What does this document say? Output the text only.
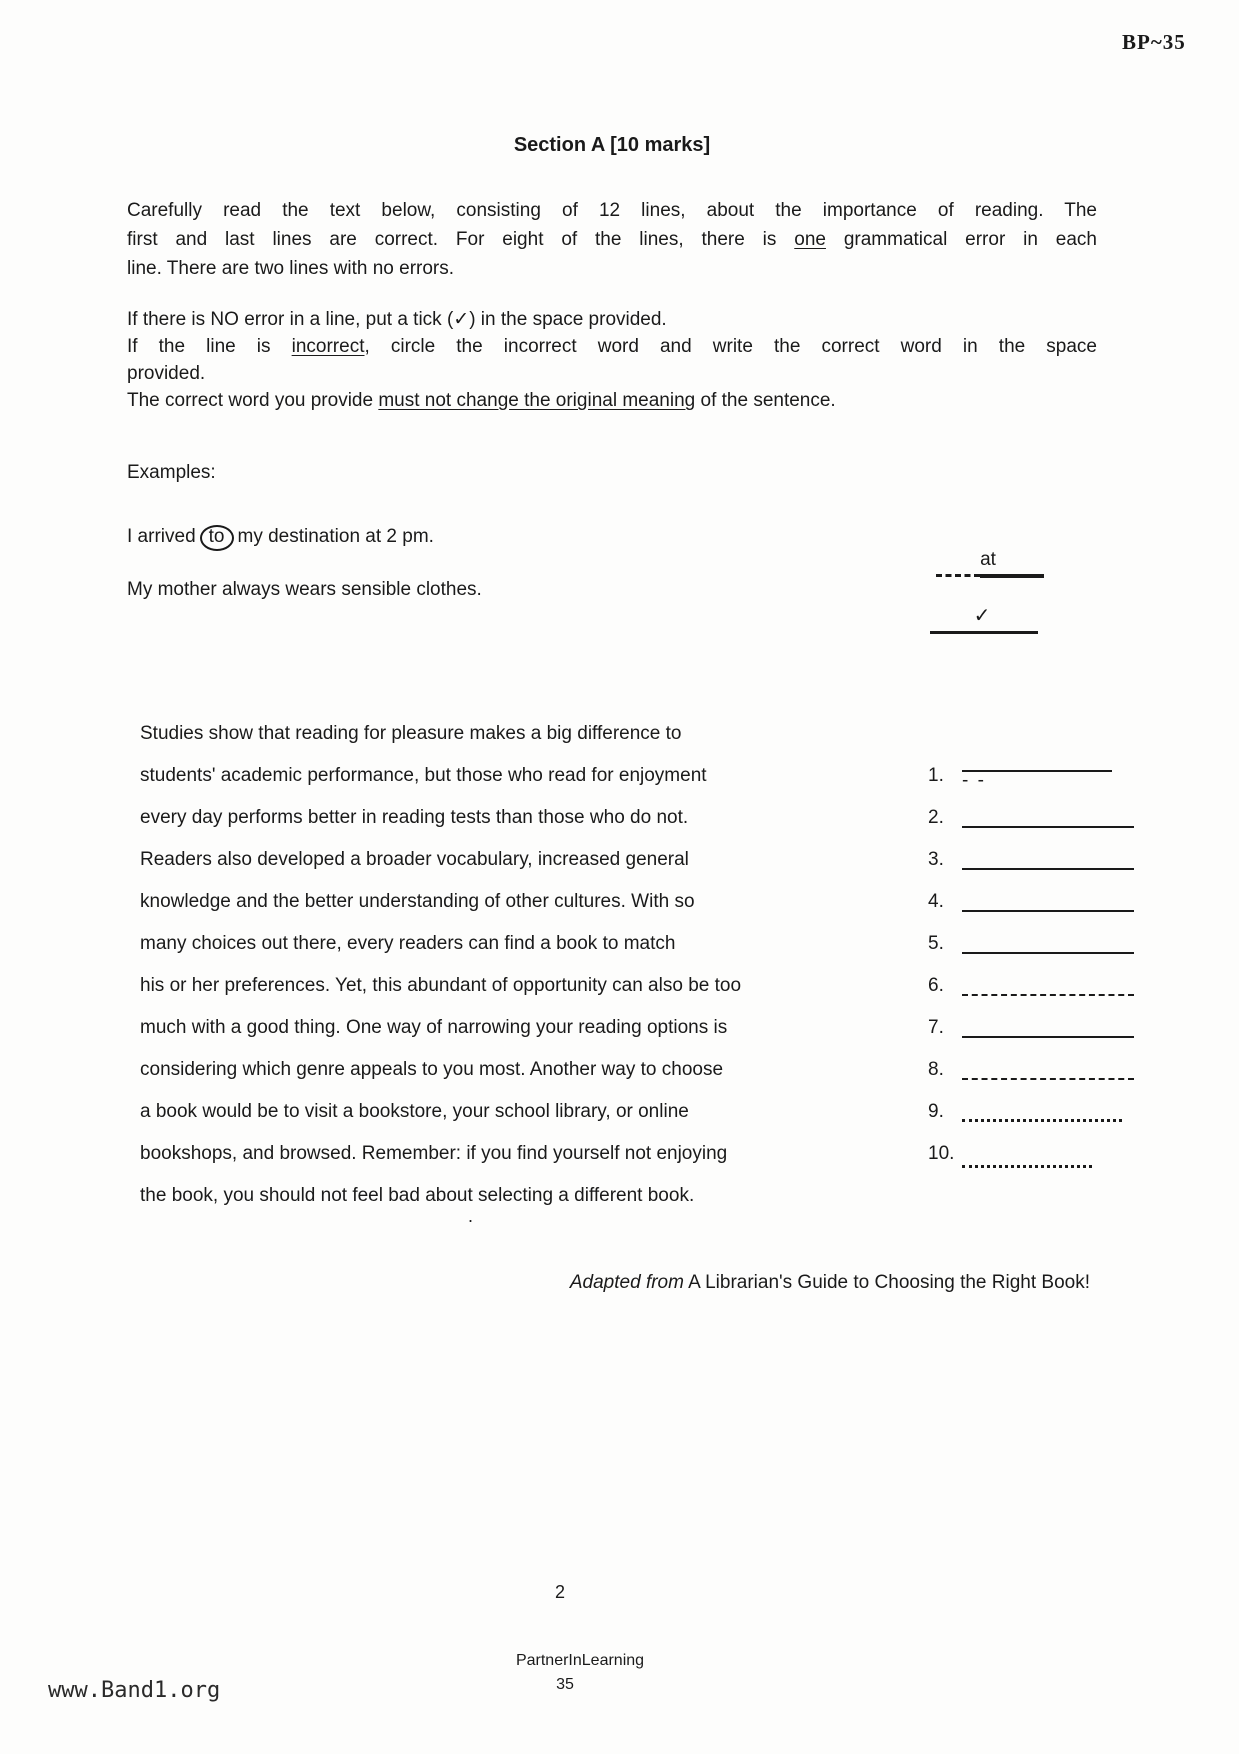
BP~35
Section A [10 marks]
Carefully read the text below, consisting of 12 lines, about the importance of reading. The
first and last lines are correct. For eight of the lines, there is one grammatical error in each
line. There are two lines with no errors.
If there is NO error in a line, put a tick (✓) in the space provided.
If the line is incorrect, circle the incorrect word and write the correct word in the space
provided.
The correct word you provide must not change the original meaning of the sentence.
Examples:
I arrived to my destination at 2 pm.
at
My mother always wears sensible clothes.
✓
Studies show that reading for pleasure makes a big difference to
students' academic performance, but those who read for enjoyment
every day performs better in reading tests than those who do not.
Readers also developed a broader vocabulary, increased general
knowledge and the better understanding of other cultures. With so
many choices out there, every readers can find a book to match
his or her preferences. Yet, this abundant of opportunity can also be too
much with a good thing. One way of narrowing your reading options is
considering which genre appeals to you most. Another way to choose
a book would be to visit a bookstore, your school library, or online
bookshops, and browsed. Remember: if you find yourself not enjoying
the book, you should not feel bad about selecting a different book.
1.- -
2.
3.
4.
5.
6.
7.
8.
9.
10.
.
Adapted from A Librarian's Guide to Choosing the Right Book!
2
PartnerInLearning
35
www.Band1.org
